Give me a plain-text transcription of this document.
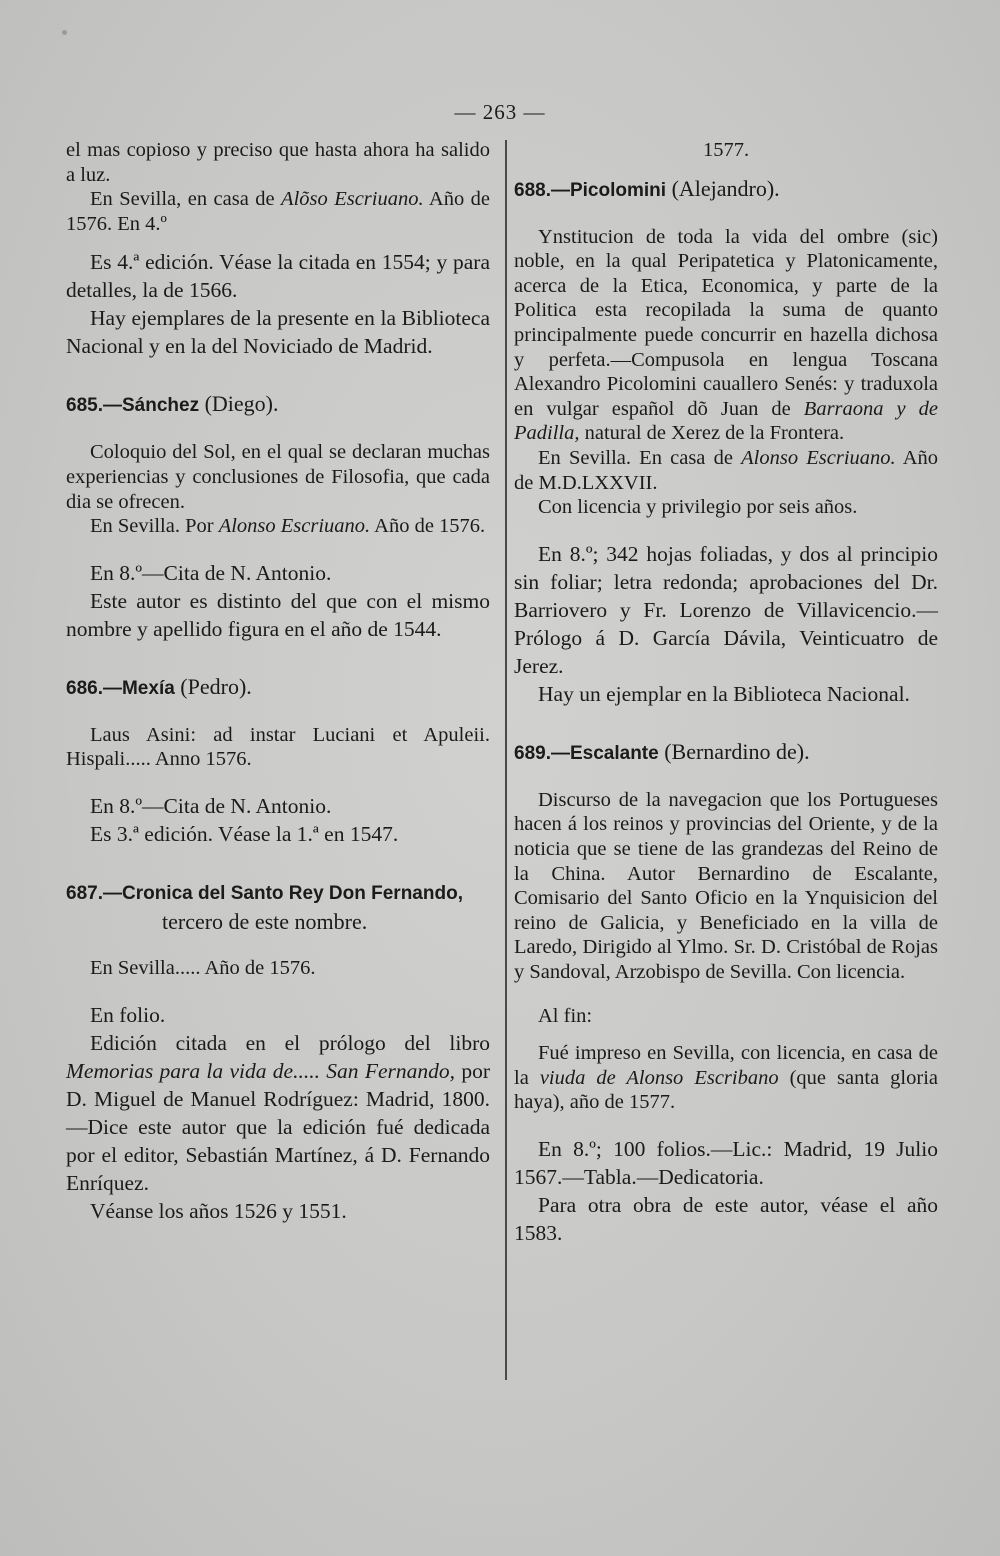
— 263 —

el mas copioso y preciso que hasta ahora ha salido a luz.

En Sevilla, en casa de Alõso Escriuano. Año de 1576. En 4.º

Es 4.ª edición. Véase la citada en 1554; y para detalles, la de 1566.

Hay ejemplares de la presente en la Biblioteca Nacional y en la del Noviciado de Madrid.

685.—Sánchez (Diego).

Coloquio del Sol, en el qual se declaran muchas experiencias y conclusiones de Filosofia, que cada dia se ofrecen.

En Sevilla. Por Alonso Escriuano. Año de 1576.

En 8.º—Cita de N. Antonio.

Este autor es distinto del que con el mismo nombre y apellido figura en el año de 1544.

686.—Mexía (Pedro).

Laus Asini: ad instar Luciani et Apuleii. Hispali..... Anno 1576.

En 8.º—Cita de N. Antonio.

Es 3.ª edición. Véase la 1.ª en 1547.

687.—Cronica del Santo Rey Don Fernando,

tercero de este nombre.

En Sevilla..... Año de 1576.

En folio.

Edición citada en el prólogo del libro Memorias para la vida de..... San Fernando, por D. Miguel de Manuel Rodríguez: Madrid, 1800.—Dice este autor que la edición fué dedicada por el editor, Sebastián Martínez, á D. Fernando Enríquez.

Véanse los años 1526 y 1551.

1577.

688.—Picolomini (Alejandro).

Ynstitucion de toda la vida del ombre (sic) noble, en la qual Peripatetica y Platonicamente, acerca de la Etica, Economica, y parte de la Politica esta recopilada la suma de quanto principalmente puede concurrir en hazella dichosa y perfeta.—Compusola en lengua Toscana Alexandro Picolomini cauallero Senés: y traduxola en vulgar español dõ Juan de Barraona y de Padilla, natural de Xerez de la Frontera.

En Sevilla. En casa de Alonso Escriuano. Año de M.D.LXXVII.

Con licencia y privilegio por seis años.

En 8.º; 342 hojas foliadas, y dos al principio sin foliar; letra redonda; aprobaciones del Dr. Barriovero y Fr. Lorenzo de Villavicencio.—Prólogo á D. García Dávila, Veinticuatro de Jerez.

Hay un ejemplar en la Biblioteca Nacional.

689.—Escalante (Bernardino de).

Discurso de la navegacion que los Portugueses hacen á los reinos y provincias del Oriente, y de la noticia que se tiene de las grandezas del Reino de la China. Autor Bernardino de Escalante, Comisario del Santo Oficio en la Ynquisicion del reino de Galicia, y Beneficiado en la villa de Laredo, Dirigido al Ylmo. Sr. D. Cristóbal de Rojas y Sandoval, Arzobispo de Sevilla. Con licencia.

Al fin:

Fué impreso en Sevilla, con licencia, en casa de la viuda de Alonso Escribano (que santa gloria haya), año de 1577.

En 8.º; 100 folios.—Lic.: Madrid, 19 Julio 1567.—Tabla.—Dedicatoria.

Para otra obra de este autor, véase el año 1583.
